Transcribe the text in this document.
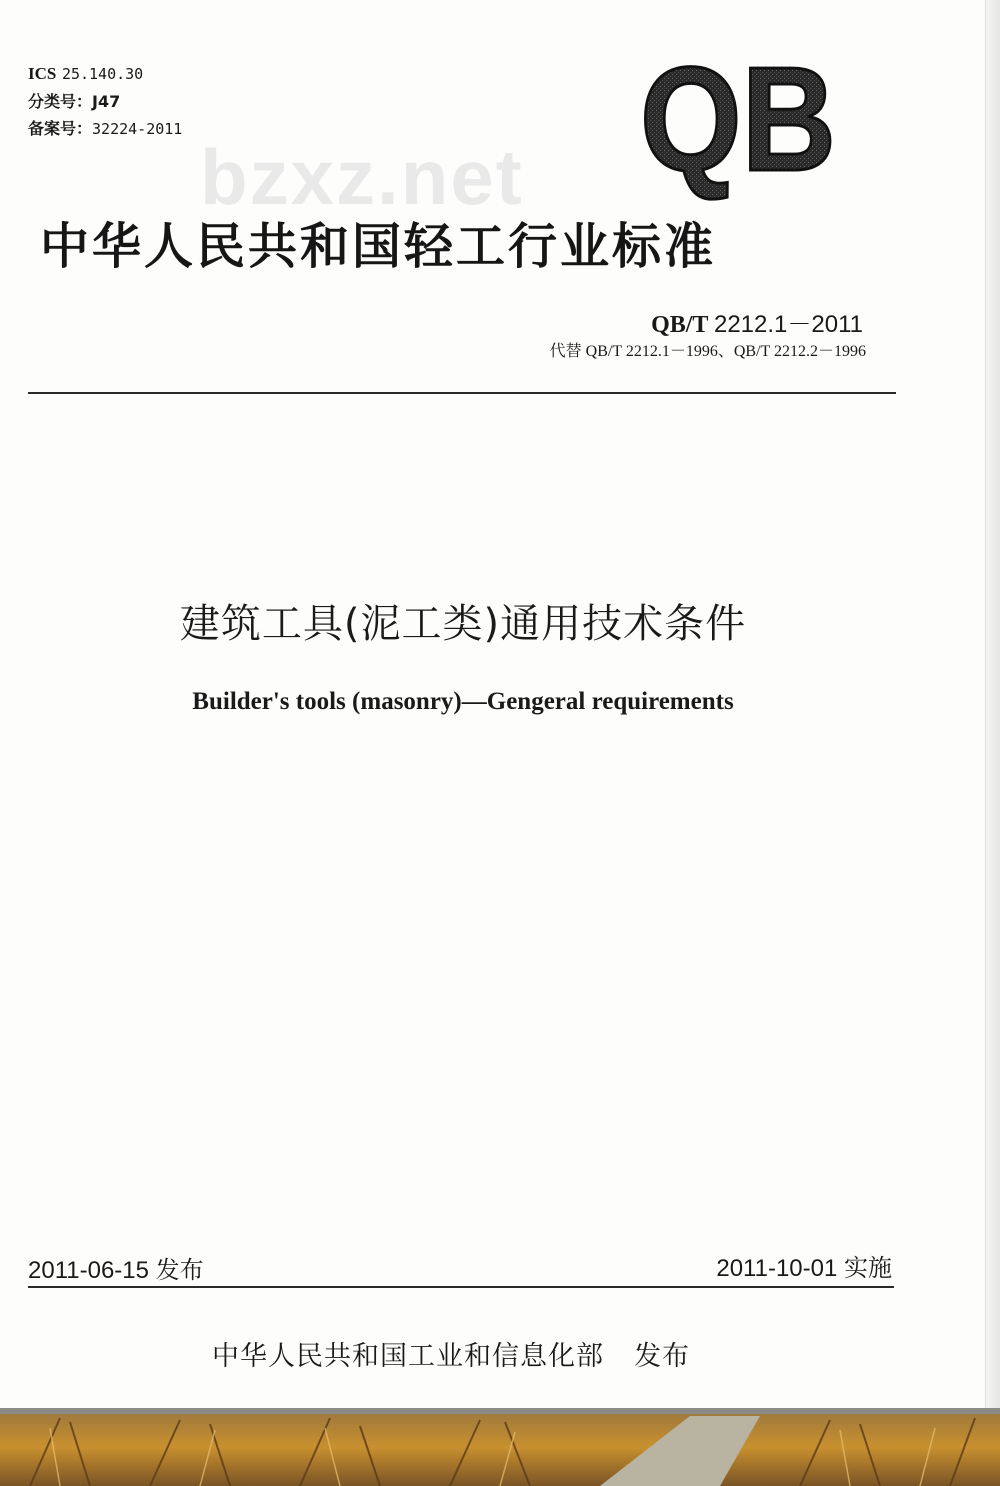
ICS 25.140.30
分类号：J47
备案号：32224-2011	QB
bzxz.net
中华人民共和国轻工行业标准
QB/T 2212.1－2011
代替 QB/T 2212.1－1996、QB/T 2212.2－1996
建筑工具(泥工类)通用技术条件
Builder's tools (masonry)—Gengeral requirements
2011-06-15 发布	2011-10-01 实施
中华人民共和国工业和信息化部 发布
